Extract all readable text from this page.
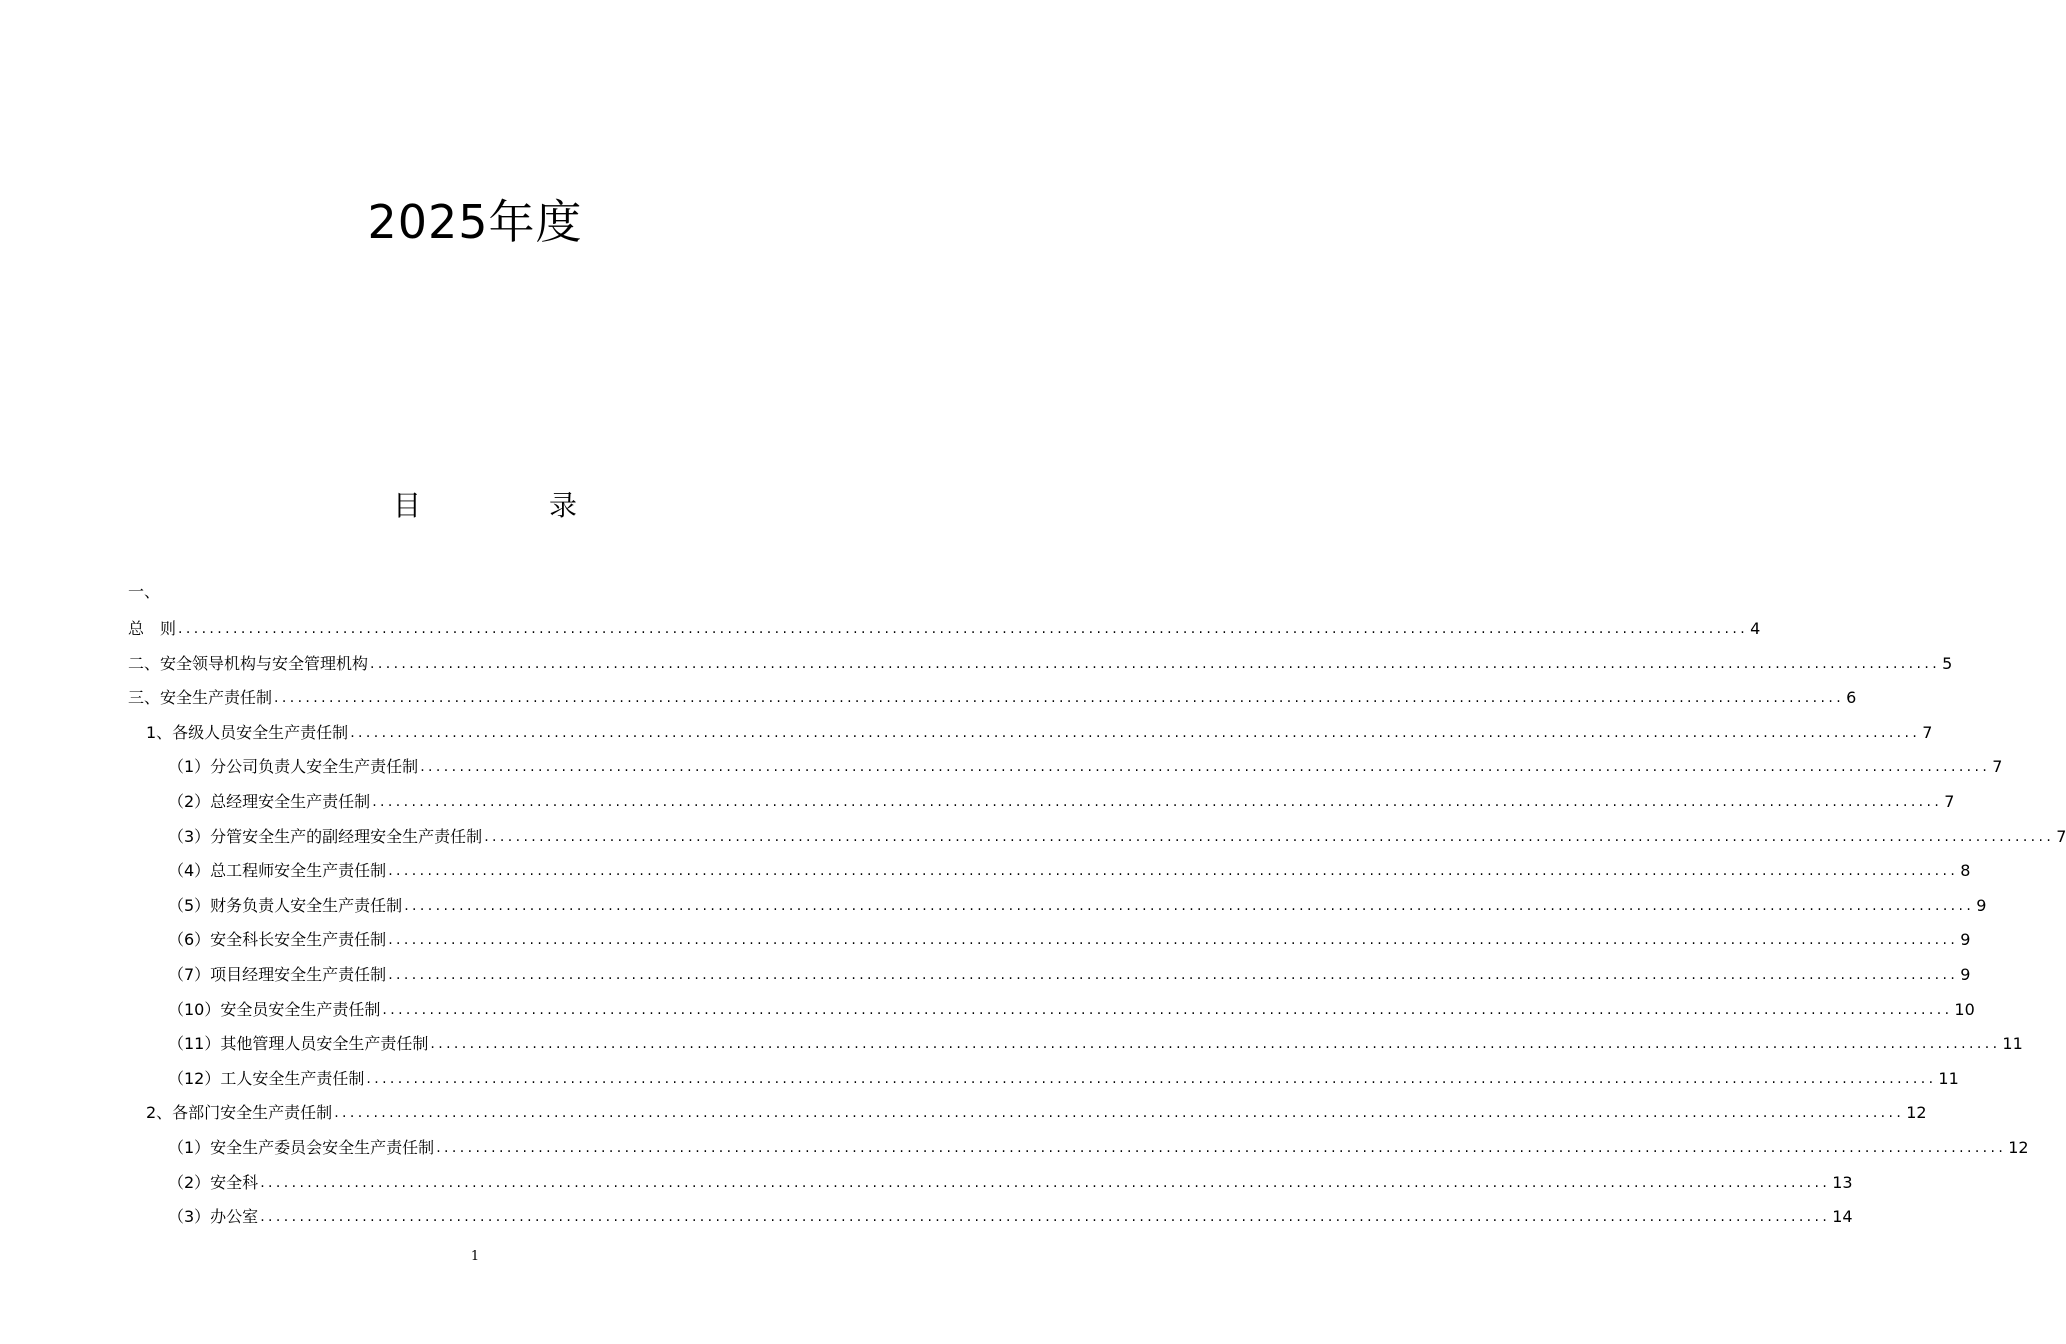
2025年度
目	录
一、
总　则 ........................................................................................................................................................................................................ 4
二、安全领导机构与安全管理机构 ........................................................................................................................................................................................................ 5
三、安全生产责任制 ........................................................................................................................................................................................................ 6
1、各级人员安全生产责任制 ........................................................................................................................................................................................................ 7
（1）分公司负责人安全生产责任制 ........................................................................................................................................................................................................ 7
（2）总经理安全生产责任制 ........................................................................................................................................................................................................ 7
（3）分管安全生产的副经理安全生产责任制 ........................................................................................................................................................................................................ 7
（4）总工程师安全生产责任制 ........................................................................................................................................................................................................ 8
（5）财务负责人安全生产责任制 ........................................................................................................................................................................................................ 9
（6）安全科长安全生产责任制 ........................................................................................................................................................................................................ 9
（7）项目经理安全生产责任制 ........................................................................................................................................................................................................ 9
（10）安全员安全生产责任制 ........................................................................................................................................................................................................ 10
（11）其他管理人员安全生产责任制 ........................................................................................................................................................................................................ 11
（12）工人安全生产责任制 ........................................................................................................................................................................................................ 11
2、各部门安全生产责任制 ........................................................................................................................................................................................................ 12
（1）安全生产委员会安全生产责任制 ........................................................................................................................................................................................................ 12
（2）安全科 ........................................................................................................................................................................................................ 13
（3）办公室 ........................................................................................................................................................................................................ 14
1
